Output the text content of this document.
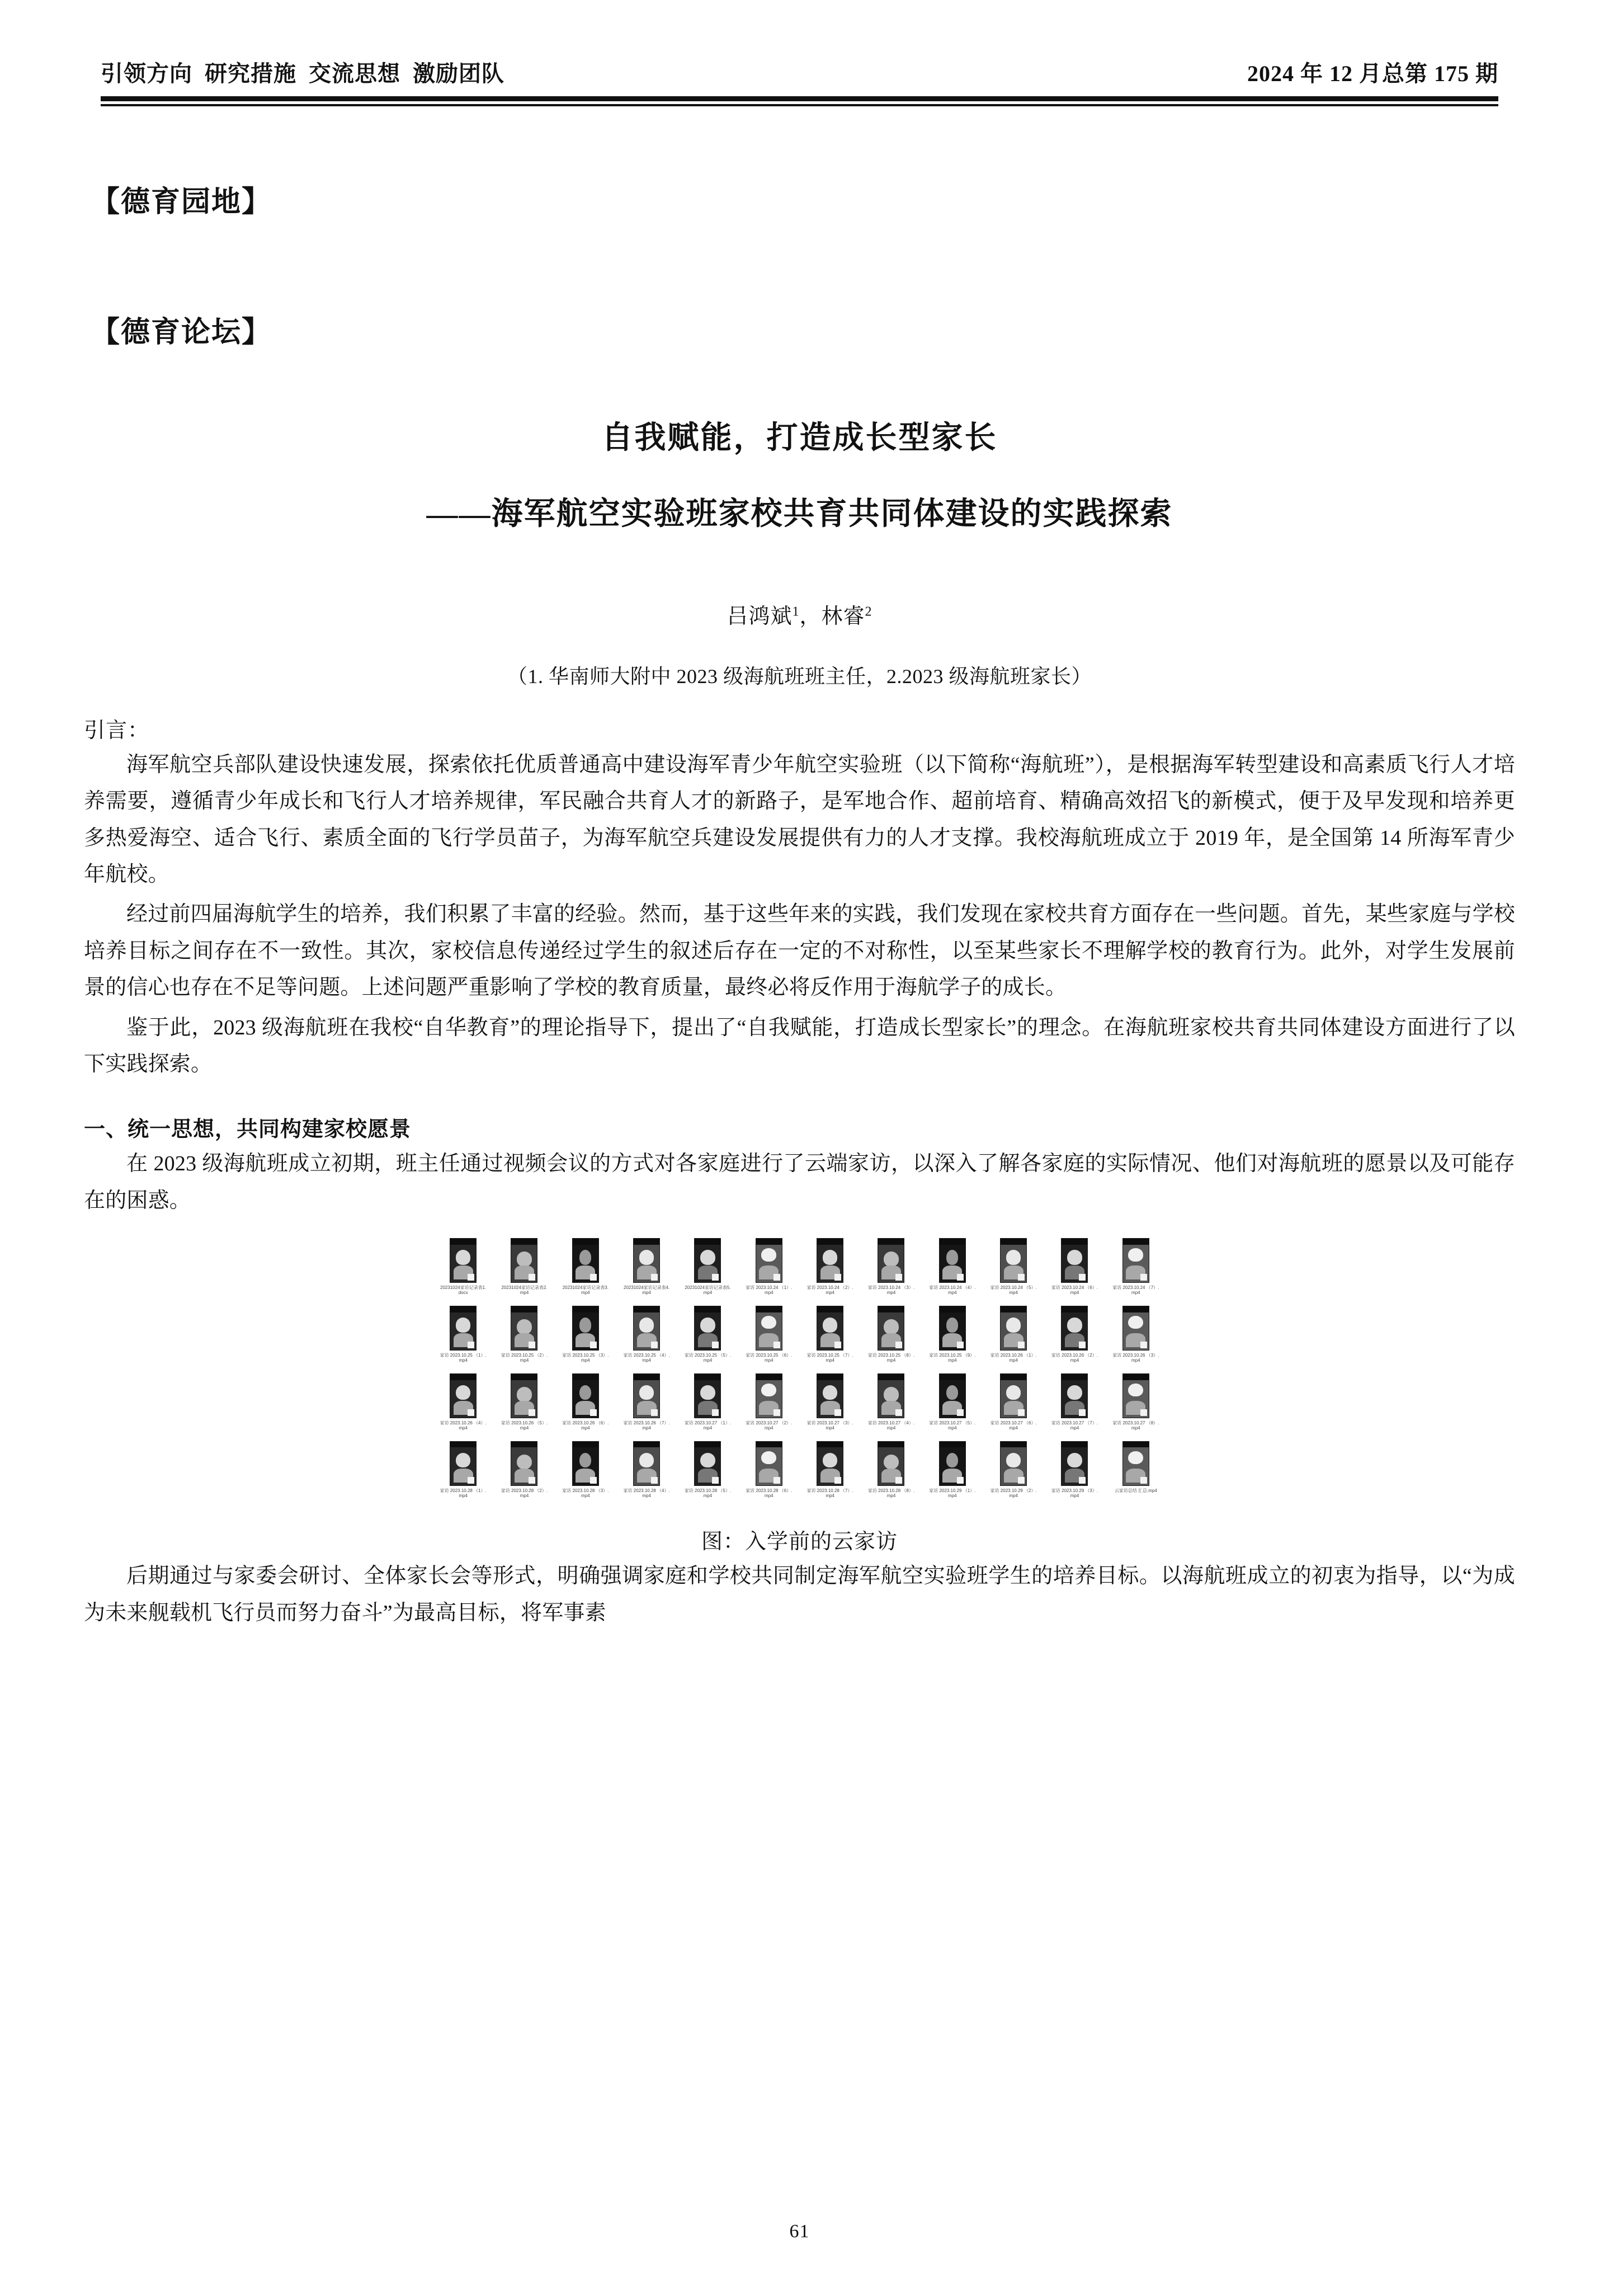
引领方向  研究措施  交流思想  激励团队	2024 年 12 月总第 175 期
【德育园地】
【德育论坛】
自我赋能，打造成长型家长
——海军航空实验班家校共育共同体建设的实践探索
吕鸿斌$^1$，林睿$^2$
（1. 华南师大附中 2023 级海航班班主任，2.2023 级海航班家长）
引言：

海军航空兵部队建设快速发展，探索依托优质普通高中建设海军青少年航空实验班（以下简称“海航班”），是根据海军转型建设和高素质飞行人才培养需要，遵循青少年成长和飞行人才培养规律，军民融合共育人才的新路子，是军地合作、超前培育、精确高效招飞的新模式，便于及早发现和培养更多热爱海空、适合飞行、素质全面的飞行学员苗子，为海军航空兵建设发展提供有力的人才支撑。我校海航班成立于 2019 年，是全国第 14 所海军青少年航校。

经过前四届海航学生的培养，我们积累了丰富的经验。然而，基于这些年来的实践，我们发现在家校共育方面存在一些问题。首先，某些家庭与学校培养目标之间存在不一致性。其次，家校信息传递经过学生的叙述后存在一定的不对称性，以至某些家长不理解学校的教育行为。此外，对学生发展前景的信心也存在不足等问题。上述问题严重影响了学校的教育质量，最终必将反作用于海航学子的成长。

鉴于此，2023 级海航班在我校“自华教育”的理论指导下，提出了“自我赋能，打造成长型家长”的理念。在海航班家校共育共同体建设方面进行了以下实践探索。

一、统一思想，共同构建家校愿景

在 2023 级海航班成立初期，班主任通过视频会议的方式对各家庭进行了云端家访，以深入了解各家庭的实际情况、他们对海航班的愿景以及可能存在的困惑。

20231024家访记录表1.docx
20231024家访记录表2.mp4
20231024家访记录表3.mp4
20231024家访记录表4.mp4
20231024家访记录表5.mp4
家访 2023.10.24 （1）.mp4
家访 2023.10.24 （2）.mp4
家访 2023.10.24 （3）.mp4
家访 2023.10.24 （4）.mp4
家访 2023.10.24 （5）.mp4
家访 2023.10.24 （6）.mp4
家访 2023.10.24 （7）.mp4
家访 2023.10.25 （1）.mp4
家访 2023.10.25 （2）.mp4
家访 2023.10.25 （3）.mp4
家访 2023.10.25 （4）.mp4
家访 2023.10.25 （5）.mp4
家访 2023.10.25 （6）.mp4
家访 2023.10.25 （7）.mp4
家访 2023.10.25 （8）.mp4
家访 2023.10.25 （9）.mp4
家访 2023.10.26 （1）.mp4
家访 2023.10.26 （2）.mp4
家访 2023.10.26 （3）.mp4
家访 2023.10.26 （4）.mp4
家访 2023.10.26 （5）.mp4
家访 2023.10.26 （6）.mp4
家访 2023.10.26 （7）.mp4
家访 2023.10.27 （1）.mp4
家访 2023.10.27 （2）.mp4
家访 2023.10.27 （3）.mp4
家访 2023.10.27 （4）.mp4
家访 2023.10.27 （5）.mp4
家访 2023.10.27 （6）.mp4
家访 2023.10.27 （7）.mp4
家访 2023.10.27 （8）.mp4
家访 2023.10.28 （1）.mp4
家访 2023.10.28 （2）.mp4
家访 2023.10.28 （3）.mp4
家访 2023.10.28 （4）.mp4
家访 2023.10.28 （5）.mp4
家访 2023.10.28 （6）.mp4
家访 2023.10.28 （7）.mp4
家访 2023.10.28 （8）.mp4
家访 2023.10.29 （1）.mp4
家访 2023.10.29 （2）.mp4
家访 2023.10.29 （3）.mp4
云家访总结 汇总.mp4
图：入学前的云家访

后期通过与家委会研讨、全体家长会等形式，明确强调家庭和学校共同制定海军航空实验班学生的培养目标。以海航班成立的初衷为指导，以“为成为未来舰载机飞行员而努力奋斗”为最高目标，将军事素

61
